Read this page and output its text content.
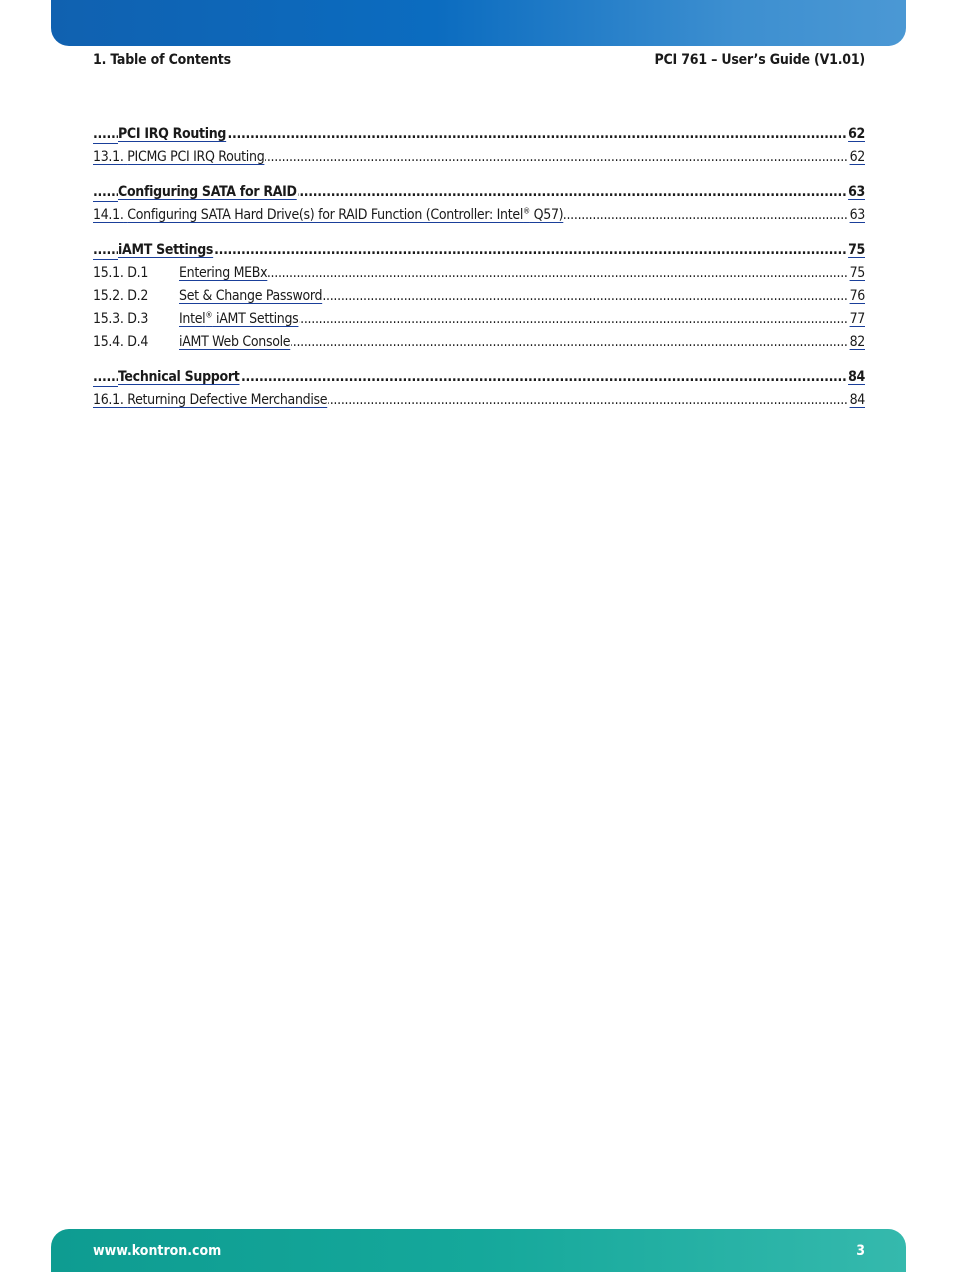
1. Table of Contents	PCI 761 – User’s Guide (V1.01)
.....
PCI IRQ Routing	62
.....
13.1. PICMG PCI IRQ Routing	62
.....
Configuring SATA for RAID	63
.....
14.1. Configuring SATA Hard Drive(s) for RAID Function (Controller: Intel® Q57)	63
.....
iAMT Settings	75
.....
15.1. D.1 Entering MEBx	75
.....
15.2. D.2 Set & Change Password	76
.....
15.3. D.3 Intel® iAMT Settings	77
.....
15.4. D.4 iAMT Web Console	82
.....
Technical Support	84
.....
16.1. Returning Defective Merchandise	84
www.kontron.com	3
